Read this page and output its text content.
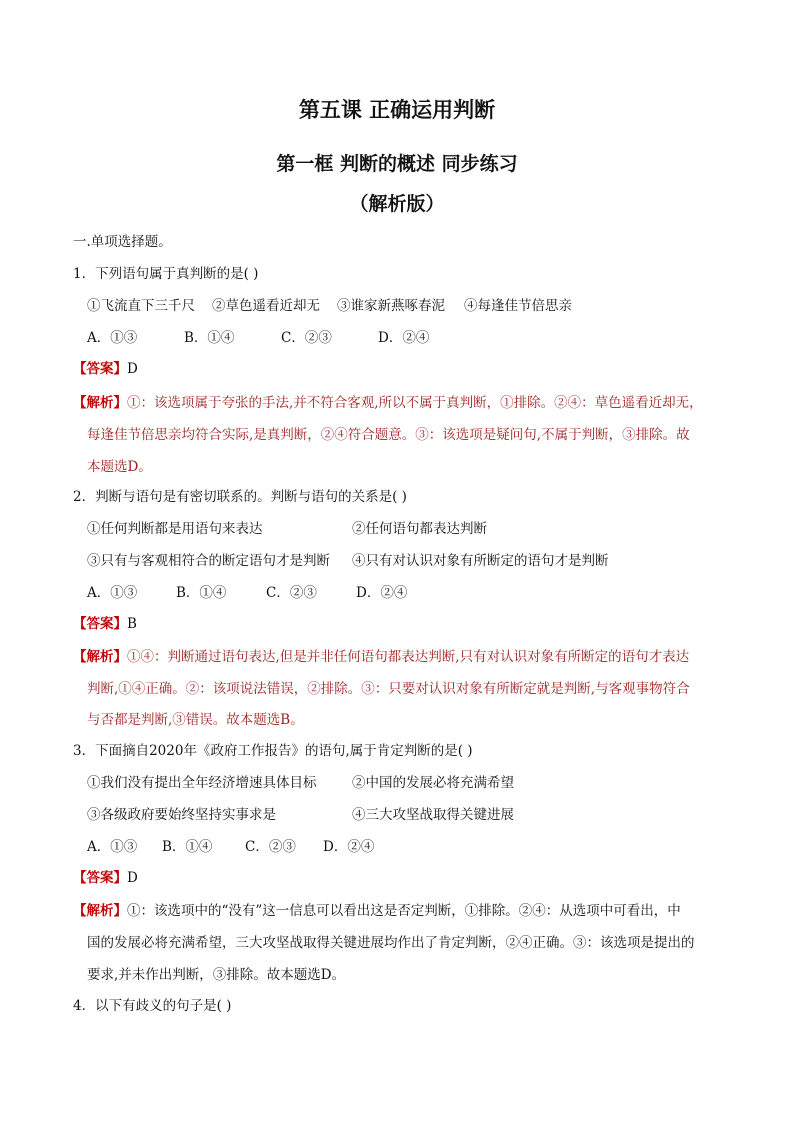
第五课 正确运用判断
第一框 判断的概述 同步练习
（解析版）
一.单项选择题。
1．下列语句属于真判断的是( )
①飞流直下三千尺 ②草色遥看近却无 ③谁家新燕啄春泥 ④每逢佳节倍思亲
A．①③	B．①④	C．②③	D．②④
【答案】D
【解析】①：该选项属于夸张的手法,并不符合客观,所以不属于真判断，①排除。②④：草色遥看近却无，
每逢佳节倍思亲均符合实际,是真判断，②④符合题意。③：该选项是疑问句,不属于判断，③排除。故
本题选D。
2．判断与语句是有密切联系的。判断与语句的关系是( )
①任何判断都是用语句来表达	②任何语句都表达判断
③只有与客观相符合的断定语句才是判断 ④只有对认识对象有所断定的语句才是判断
A．①③	B．①④	C．②③	D．②④
【答案】B
【解析】①④：判断通过语句表达,但是并非任何语句都表达判断,只有对认识对象有所断定的语句才表达
判断,①④正确。②：该项说法错误，②排除。③：只要对认识对象有所断定就是判断,与客观事物符合
与否都是判断,③错误。故本题选B。
3．下面摘自2020年《政府工作报告》的语句,属于肯定判断的是( )
①我们没有提出全年经济增速具体目标	②中国的发展必将充满希望
③各级政府要始终坚持实事求是	④三大攻坚战取得关键进展
A．①③ B．①④ C．②③ D．②④
【答案】D
【解析】①：该选项中的“没有”这一信息可以看出这是否定判断，①排除。②④：从选项中可看出，中
国的发展必将充满希望，三大攻坚战取得关键进展均作出了肯定判断，②④正确。③：该选项是提出的
要求,并未作出判断，③排除。故本题选D。
4．以下有歧义的句子是( )
